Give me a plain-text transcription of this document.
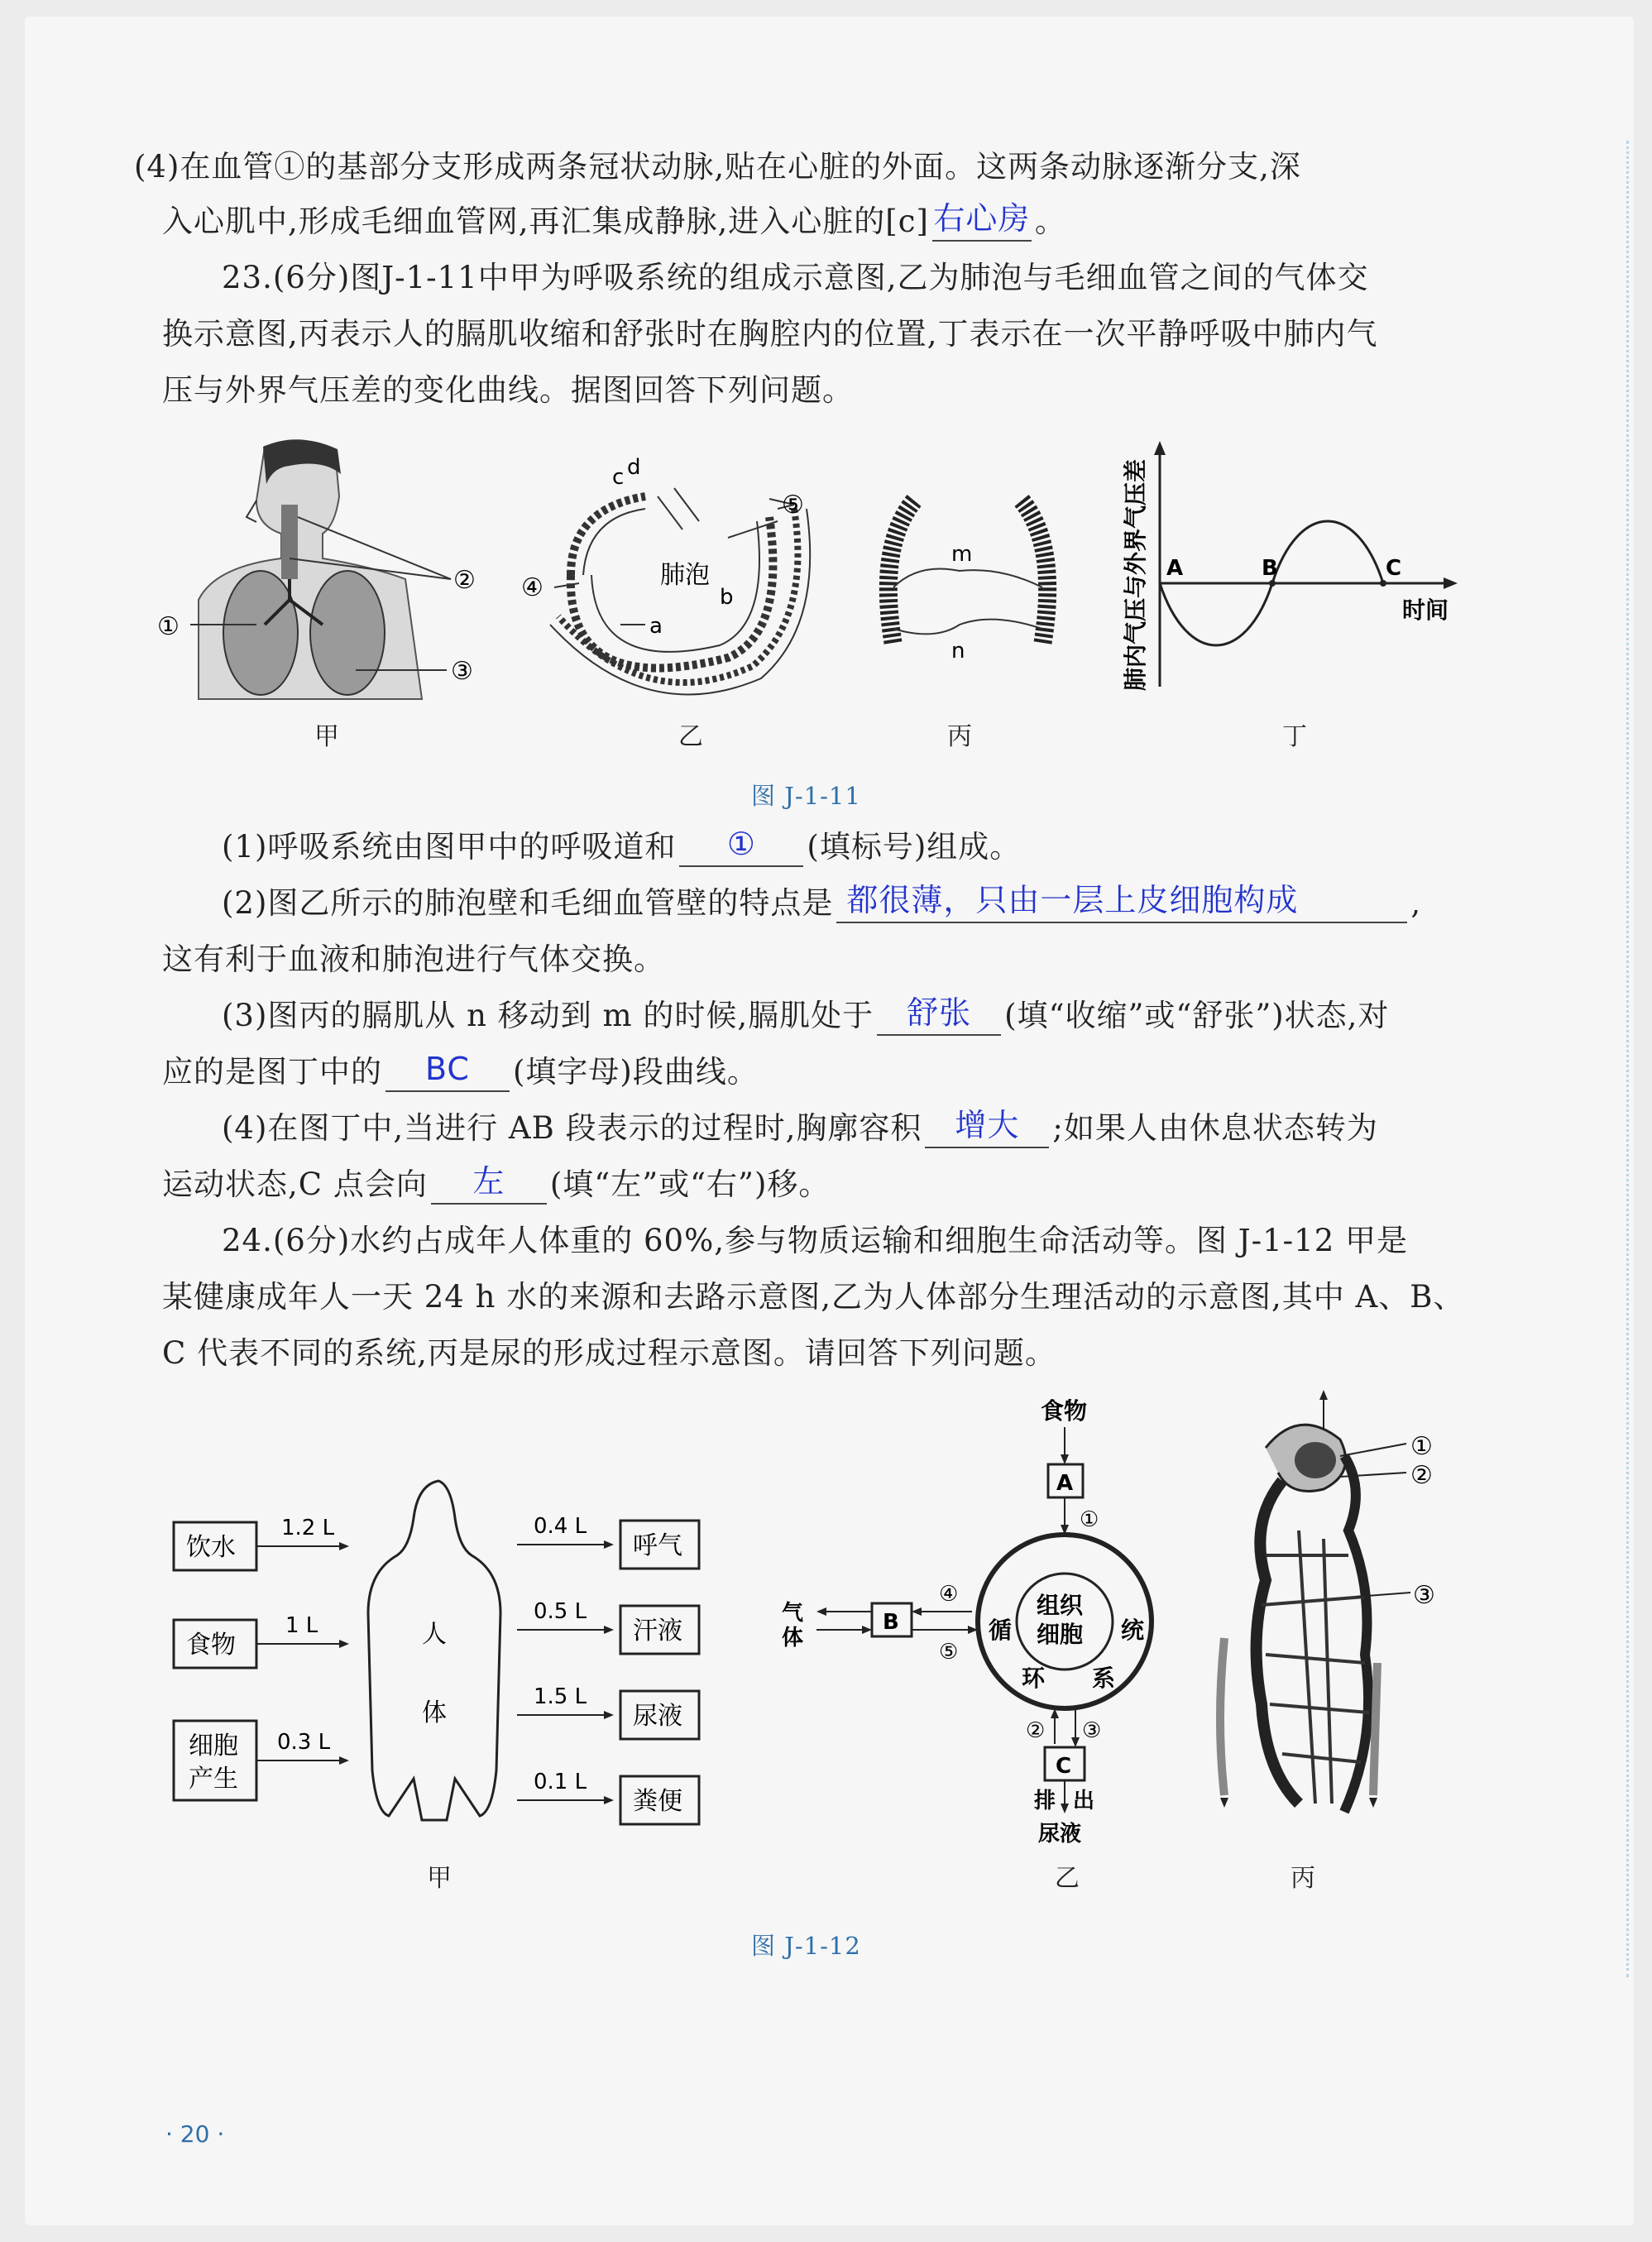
(4)在血管①的基部分支形成两条冠状动脉,贴在心脏的外面。这两条动脉逐渐分支,深
入心肌中,形成毛细血管网,再汇集成静脉,进入心脏的[c] 右心房 。
23.(6分)图J-1-11中甲为呼吸系统的组成示意图,乙为肺泡与毛细血管之间的气体交
换示意图,丙表示人的膈肌收缩和舒张时在胸腔内的位置,丁表示在一次平静呼吸中肺内气
压与外界气压差的变化曲线。据图回答下列问题。
①
②
③
肺泡
a
b
c d
④
⑤
m
n
A	B	C
时间
肺内气压与外界气压差
甲	乙	丙	丁
图 J-1-11
(1)呼吸系统由图甲中的呼吸道和	①	(填标号)组成。
(2)图乙所示的肺泡壁和毛细血管壁的特点是 都很薄，只由一层上皮细胞构成	,
这有利于血液和肺泡进行气体交换。
(3)图丙的膈肌从 n 移动到 m 的时候,膈肌处于	舒张	(填“收缩”或“舒张”)状态,对
应的是图丁中的	BC	(填字母)段曲线。
(4)在图丁中,当进行 AB 段表示的过程时,胸廓容积	增大	;如果人由休息状态转为
运动状态,C 点会向	左	(填“左”或“右”)移。
24.(6分)水约占成年人体重的 60%,参与物质运输和细胞生命活动等。图 J-1-12 甲是
某健康成年人一天 24 h 水的来源和去路示意图,乙为人体部分生理活动的示意图,其中 A、B、
C 代表不同的系统,丙是尿的形成过程示意图。请回答下列问题。
饮水
食物
细胞
产生
1.2 L
1 L
0.3 L
人
体
0.4 L
0.5 L
1.5 L
0.1 L
呼气
汗液
尿液
粪便
食物
A
①
组织
细胞
循
环 系
统
B
④
⑤
气
体
② ③
C
排 出
尿液
①
②
③
甲	乙	丙
图 J-1-12
· 20 ·
